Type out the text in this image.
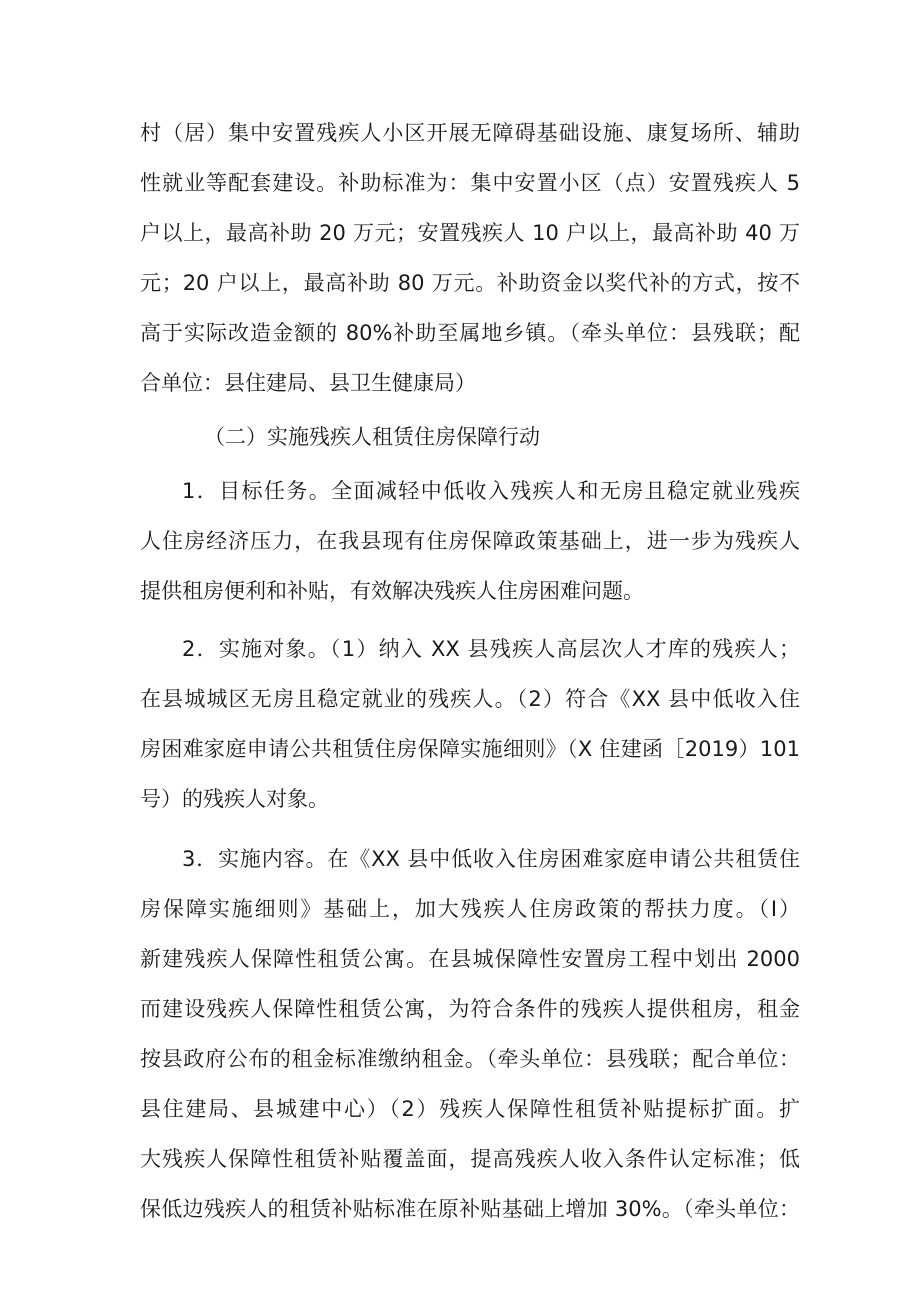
村（居）集中安置残疾人小区开展无障碍基础设施、康复场所、辅助
性就业等配套建设。补助标准为：集中安置小区（点）安置残疾人 5
户以上，最高补助 20 万元；安置残疾人 10 户以上，最高补助 40 万
元；20 户以上，最高补助 80 万元。补助资金以奖代补的方式，按不
高于实际改造金额的 80%补助至属地乡镇。（牵头单位：县残联；配
合单位：县住建局、县卫生健康局）
（二）实施残疾人租赁住房保障行动
1．目标任务。全面减轻中低收入残疾人和无房且稳定就业残疾
人住房经济压力，在我县现有住房保障政策基础上，进一步为残疾人
提供租房便利和补贴，有效解决残疾人住房困难问题。
2．实施对象。（1）纳入 XX 县残疾人高层次人才库的残疾人；
在县城城区无房且稳定就业的残疾人。（2）符合《XX 县中低收入住
房困难家庭申请公共租赁住房保障实施细则》（X 住建函［2019）101
号）的残疾人对象。
3．实施内容。在《XX 县中低收入住房困难家庭申请公共租赁住
房保障实施细则》基础上，加大残疾人住房政策的帮扶力度。（I）
新建残疾人保障性租赁公寓。在县城保障性安置房工程中划出 2000
而建设残疾人保障性租赁公寓，为符合条件的残疾人提供租房，租金
按县政府公布的租金标准缴纳租金。（牵头单位：县残联；配合单位：
县住建局、县城建中心）（2）残疾人保障性租赁补贴提标扩面。扩
大残疾人保障性租赁补贴覆盖面，提高残疾人收入条件认定标准；低
保低边残疾人的租赁补贴标准在原补贴基础上增加 30%。（牵头单位：
